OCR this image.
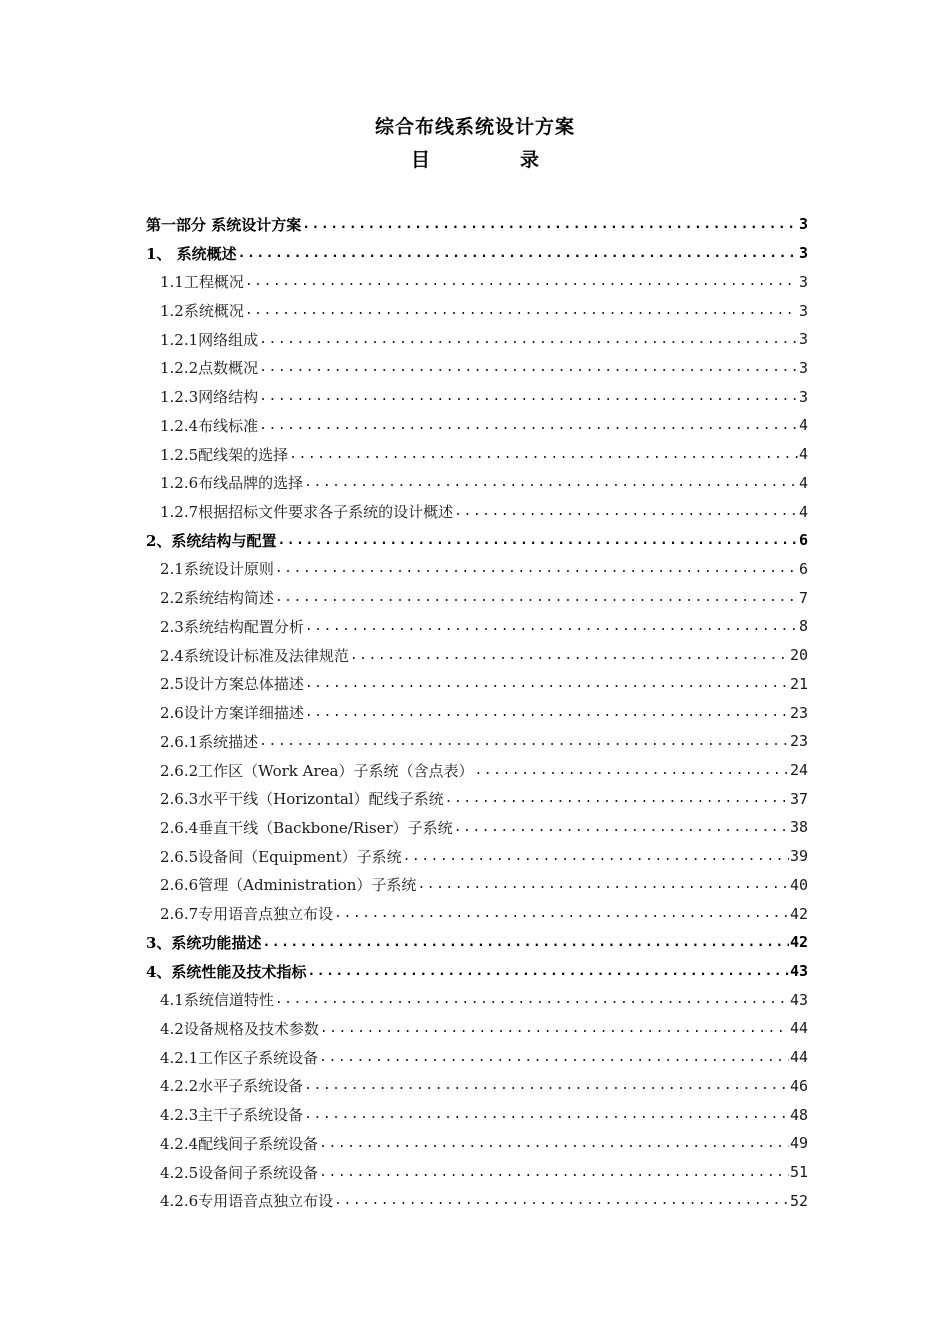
综合布线系统设计方案
目	录
第一部分 系统设计方案 .....	3
1、 系统概述 .....	3
1.1工程概况 .....	3
1.2系统概况 .....	3
1.2.1网络组成 .....	3
1.2.2点数概况 .....	3
1.2.3网络结构 .....	3
1.2.4布线标准 .....	4
1.2.5配线架的选择 .....	4
1.2.6布线品牌的选择 .....	4
1.2.7根据招标文件要求各子系统的设计概述 .....	4
2、系统结构与配置 .....	6
2.1系统设计原则 .....	6
2.2系统结构简述 .....	7
2.3系统结构配置分析 .....	8
2.4系统设计标准及法律规范 .....	20
2.5设计方案总体描述 .....	21
2.6设计方案详细描述 .....	23
2.6.1系统描述 .....	23
2.6.2工作区（Work Area）子系统（含点表） .....	24
2.6.3水平干线（Horizontal）配线子系统 .....	37
2.6.4垂直干线（Backbone/Riser）子系统 .....	38
2.6.5设备间（Equipment）子系统 .....	39
2.6.6管理（Administration）子系统 .....	40
2.6.7专用语音点独立布设 .....	42
3、系统功能描述 .....	42
4、系统性能及技术指标 .....	43
4.1系统信道特性 .....	43
4.2设备规格及技术参数 .....	44
4.2.1工作区子系统设备 .....	44
4.2.2水平子系统设备 .....	46
4.2.3主干子系统设备 .....	48
4.2.4配线间子系统设备 .....	49
4.2.5设备间子系统设备 .....	51
4.2.6专用语音点独立布设 .....	52
